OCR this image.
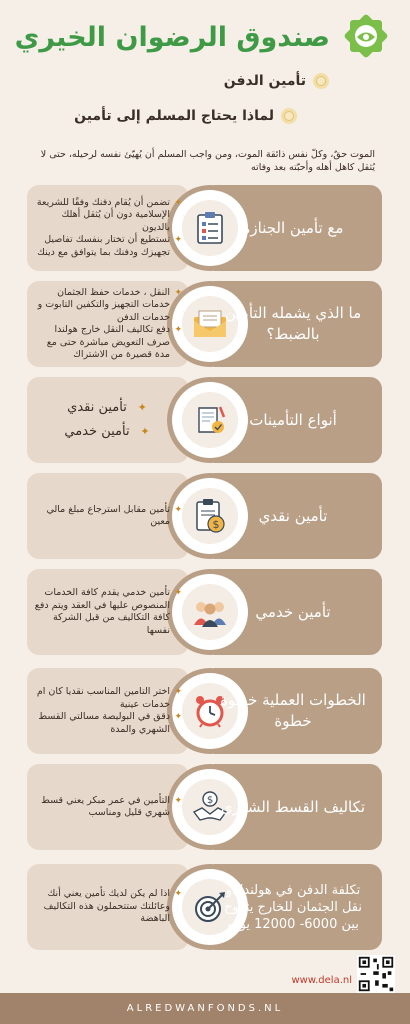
صندوق الرضوان الخيري
تأمين الدفن
لماذا يحتاج المسلم إلى تأمين
الموت حقٌ، وكلّ نفس ذائقة الموت، ومن واجب المسلم أن يُهيّئ نفسه لرحيله، حتى لا يُثقل كاهل أهله وأحبّته بعد وفاته
مع تأمين الجنازة
✦ تضمن أن يُقام دفنك وفقًا للشريعة الإسلامية دون أن يُثقل أهلك بالديون
✦ تستطيع أن تختار بنفسك تفاصيل تجهيزك ودفنك بما يتوافق مع دينك
ما الذي يشمله التأمين بالضبط؟
✦ النقل ، خدمات حفظ الجثمان خدمات التجهيز والتكفين التابوت و خدمات الدفن
✦ دفع تكاليف النقل خارج هولندا صرف التعويض مباشرة حتى مع مدة قصيرة من الاشتراك
أنواع التأمينات
✦ تأمين نقدي
✦ تأمين خدمي
$	تأمين نقدي
✦ تأمين مقابل استرجاع مبلغ مالي معين
تأمين خدمي
✦ تأمين خدمي يقدم كافة الخدمات المنصوص عليها في العقد ويتم دفع كافة التكاليف من قبل الشركة نفسها
الخطوات العملية خطوة خطوة
✦ اختر التامين المناسب نقديا كان ام خدمات عينية
✦ دقق في البوليصة مسالتي القسط الشهري والمدة
$ تكاليف القسط الشهري
✦ التأمين في عمر مبكر يعني قسط شهري قليل ومناسب
تكلفة الدفن في هولندا او نقل الجثمان للخارج يتروح بين 6000- 12000 يورو
✦ اذا لم يكن لديك تأمين يعني أنك وعائلتك ستتحملون هذه التكاليف الباهضة
www.dela.nl
ALREDWANFONDS.NL
